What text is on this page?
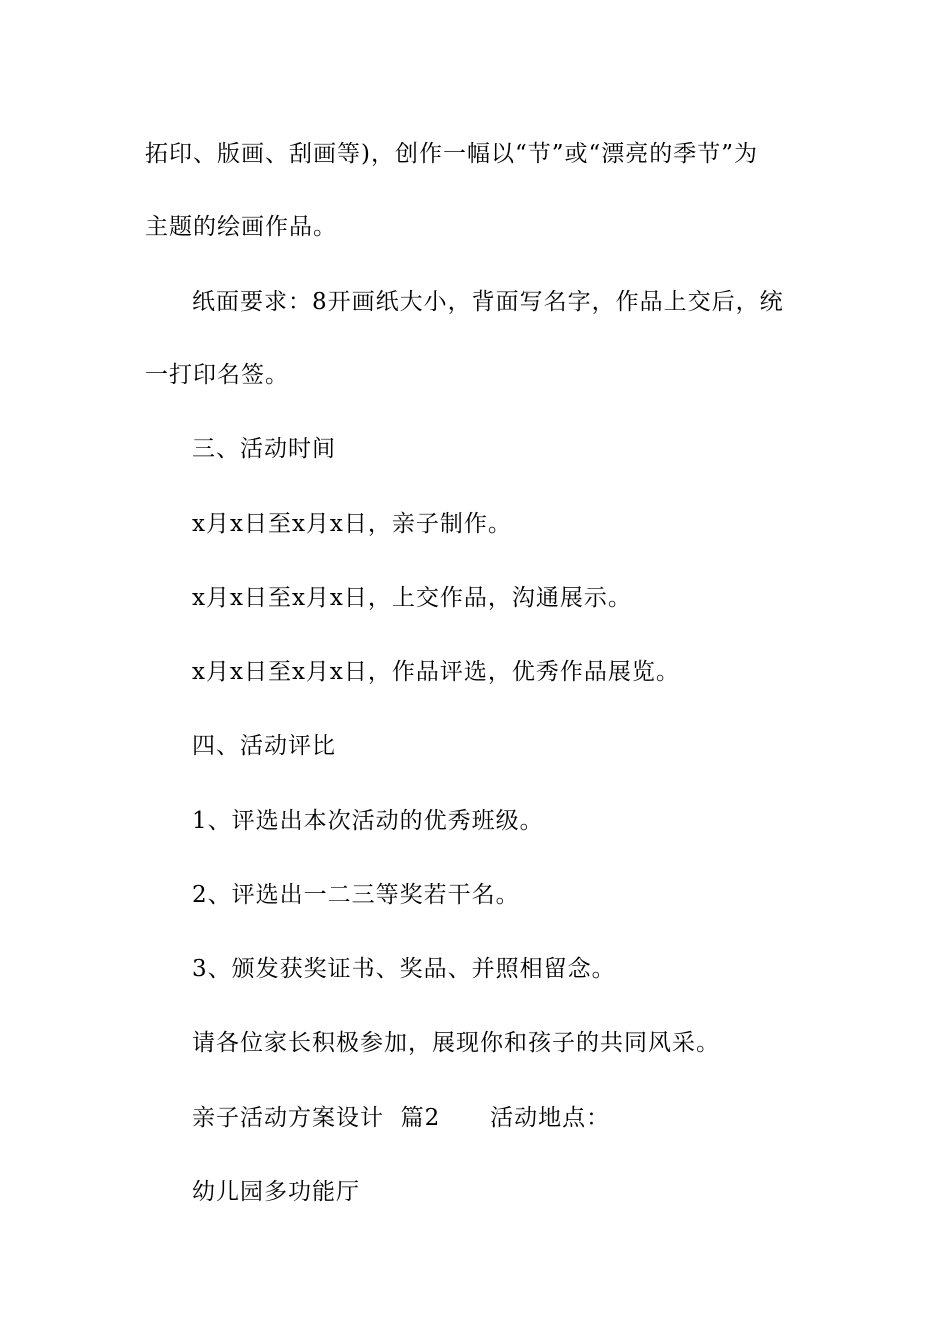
拓印、版画、刮画等)，创作一幅以“节”或“漂亮的季节”为
主题的绘画作品。
纸面要求：8开画纸大小，背面写名字，作品上交后，统
一打印名签。
三、活动时间
x月x日至x月x日，亲子制作。
x月x日至x月x日，上交作品，沟通展示。
x月x日至x月x日，作品评选，优秀作品展览。
四、活动评比
1、评选出本次活动的优秀班级。
2、评选出一二三等奖若干名。
3、颁发获奖证书、奖品、并照相留念。
请各位家长积极参加，展现你和孩子的共同风采。
亲子活动方案设计  篇2      活动地点：
幼儿园多功能厅
